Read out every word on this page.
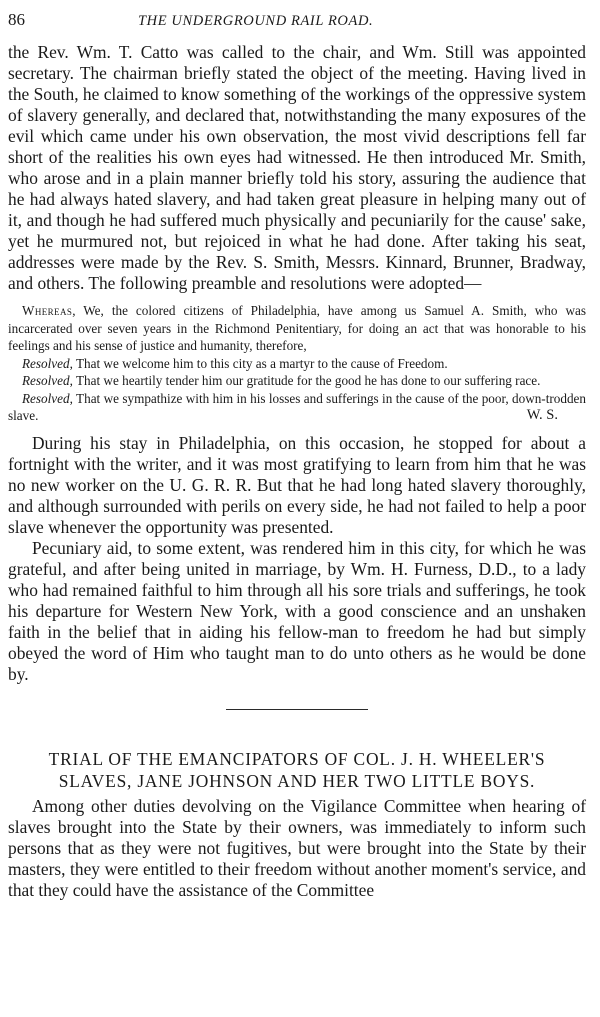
86	THE UNDERGROUND RAIL ROAD.

the Rev. Wm. T. Catto was called to the chair, and Wm. Still was appointed secretary. The chairman briefly stated the object of the meeting. Having lived in the South, he claimed to know something of the workings of the oppressive system of slavery generally, and declared that, notwithstanding the many exposures of the evil which came under his own observation, the most vivid descriptions fell far short of the realities his own eyes had witnessed. He then introduced Mr. Smith, who arose and in a plain manner briefly told his story, assuring the audience that he had always hated slavery, and had taken great pleasure in helping many out of it, and though he had suffered much physically and pecuniarily for the cause' sake, yet he murmured not, but rejoiced in what he had done. After taking his seat, addresses were made by the Rev. S. Smith, Messrs. Kinnard, Brunner, Bradway, and others. The following preamble and resolutions were adopted—

Whereas, We, the colored citizens of Philadelphia, have among us Samuel A. Smith, who was incarcerated over seven years in the Richmond Penitentiary, for doing an act that was honorable to his feelings and his sense of justice and humanity, therefore,

Resolved, That we welcome him to this city as a martyr to the cause of Freedom.

Resolved, That we heartily tender him our gratitude for the good he has done to our suffering race.

Resolved, That we sympathize with him in his losses and sufferings in the cause of the poor, down-trodden slave.	W. S.

During his stay in Philadelphia, on this occasion, he stopped for about a fortnight with the writer, and it was most gratifying to learn from him that he was no new worker on the U. G. R. R. But that he had long hated slavery thoroughly, and although surrounded with perils on every side, he had not failed to help a poor slave whenever the opportunity was presented.

Pecuniary aid, to some extent, was rendered him in this city, for which he was grateful, and after being united in marriage, by Wm. H. Furness, D.D., to a lady who had remained faithful to him through all his sore trials and sufferings, he took his departure for Western New York, with a good conscience and an unshaken faith in the belief that in aiding his fellow-man to freedom he had but simply obeyed the word of Him who taught man to do unto others as he would be done by.

TRIAL OF THE EMANCIPATORS OF COL. J. H. WHEELER'S
SLAVES, JANE JOHNSON AND HER TWO LITTLE BOYS.

Among other duties devolving on the Vigilance Committee when hearing of slaves brought into the State by their owners, was immediately to inform such persons that as they were not fugitives, but were brought into the State by their masters, they were entitled to their freedom without another moment's service, and that they could have the assistance of the Committee
